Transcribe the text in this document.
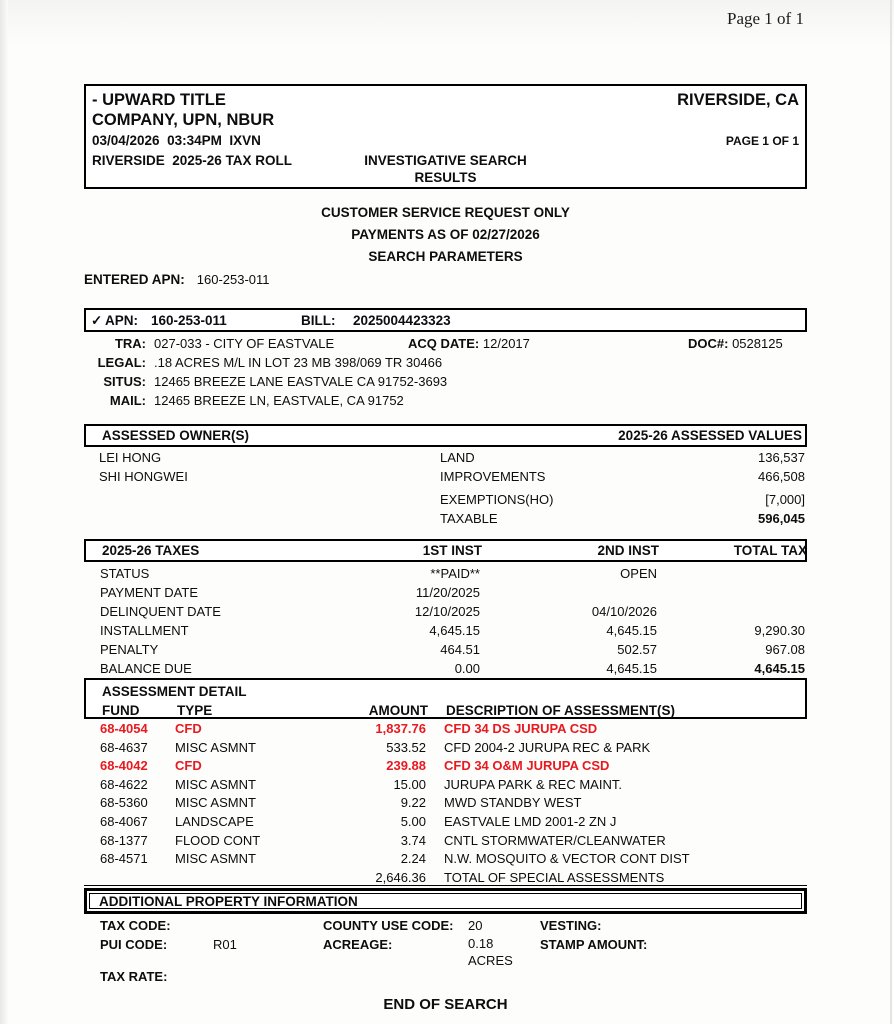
Page 1 of 1
- UPWARD TITLE
COMPANY, UPN, NBUR
RIVERSIDE, CA
03/04/2026  03:34PM  IXVN	PAGE 1 OF 1
RIVERSIDE  2025-26 TAX ROLL	INVESTIGATIVE SEARCH
RESULTS
CUSTOMER SERVICE REQUEST ONLY
PAYMENTS AS OF 02/27/2026
SEARCH PARAMETERS
ENTERED APN: 160-253-011
✓ APN: 160-253-011	BILL:	2025004423323
TRA: 027-033 - CITY OF EASTVALE	ACQ DATE: 12/2017	DOC#: 0528125
LEGAL: .18 ACRES M/L IN LOT 23 MB 398/069 TR 30466
SITUS: 12465 BREEZE LANE EASTVALE CA 91752-3693
MAIL: 12465 BREEZE LN, EASTVALE, CA 91752
ASSESSED OWNER(S)	2025-26 ASSESSED VALUES
LEI HONG	LAND	136,537
SHI HONGWEI	IMPROVEMENTS	466,508
EXEMPTIONS(HO)	[7,000]
TAXABLE	596,045
2025-26 TAXES	1ST INST	2ND INST	TOTAL TAX
STATUS	**PAID**	OPEN
PAYMENT DATE	11/20/2025
DELINQUENT DATE	12/10/2025	04/10/2026
INSTALLMENT	4,645.15	4,645.15	9,290.30
PENALTY	464.51	502.57	967.08
BALANCE DUE	0.00	4,645.15	4,645.15
ASSESSMENT DETAIL
FUND	TYPE	AMOUNT	DESCRIPTION OF ASSESSMENT(S)
68-4054	CFD	1,837.76	CFD 34 DS JURUPA CSD
68-4637	MISC ASMNT	533.52	CFD 2004-2 JURUPA REC & PARK
68-4042	CFD	239.88	CFD 34 O&M JURUPA CSD
68-4622	MISC ASMNT	15.00	JURUPA PARK & REC MAINT.
68-5360	MISC ASMNT	9.22	MWD STANDBY WEST
68-4067	LANDSCAPE	5.00	EASTVALE LMD 2001-2 ZN J
68-1377	FLOOD CONT	3.74	CNTL STORMWATER/CLEANWATER
68-4571	MISC ASMNT	2.24	N.W. MOSQUITO & VECTOR CONT DIST
2,646.36	TOTAL OF SPECIAL ASSESSMENTS
ADDITIONAL PROPERTY INFORMATION
TAX CODE:	COUNTY USE CODE:	20	VESTING:
PUI CODE:	R01	ACREAGE:	0.18
ACRES
STAMP AMOUNT:
TAX RATE:
END OF SEARCH
